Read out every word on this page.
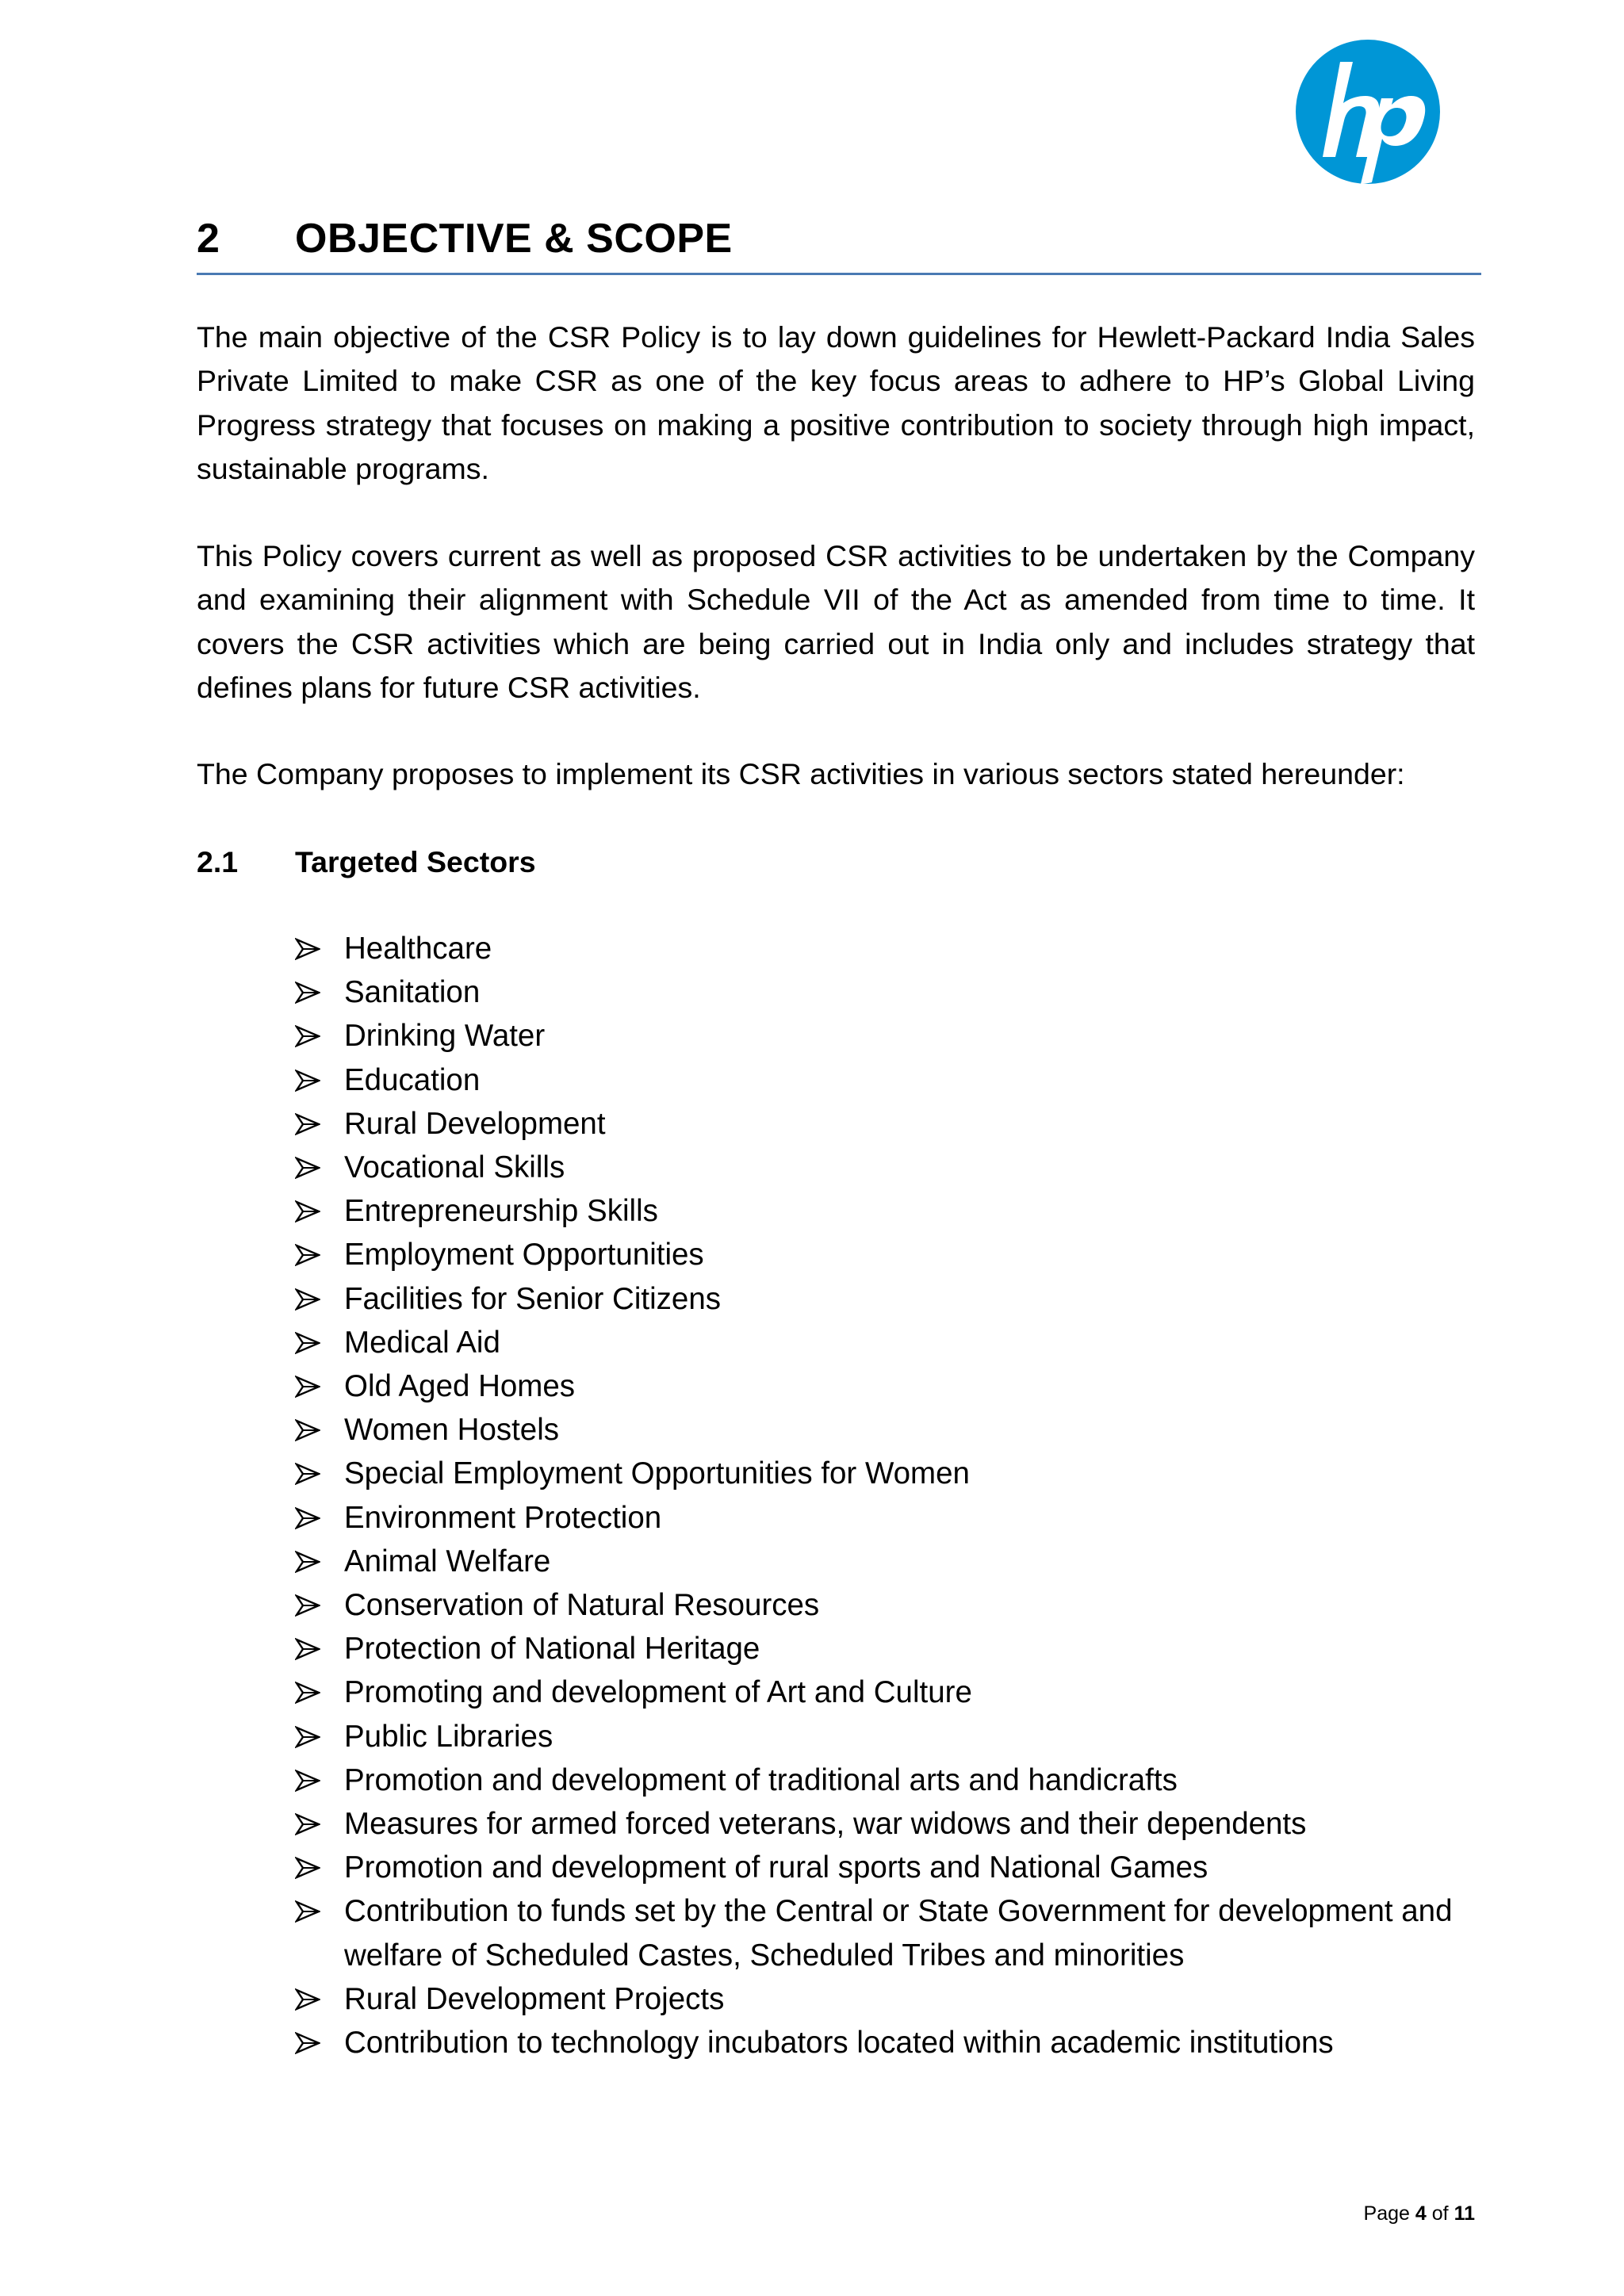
2 OBJECTIVE & SCOPE

The main objective of the CSR Policy is to lay down guidelines for Hewlett-Packard India Sales Private Limited to make CSR as one of the key focus areas to adhere to HP’s Global Living Progress strategy that focuses on making a positive contribution to society through high impact, sustainable programs.

This Policy covers current as well as proposed CSR activities to be undertaken by the Company and examining their alignment with Schedule VII of the Act as amended from time to time. It covers the CSR activities which are being carried out in India only and includes strategy that defines plans for future CSR activities.

The Company proposes to implement its CSR activities in various sectors stated hereunder:

2.1 Targeted Sectors
Healthcare
Sanitation
Drinking Water
Education
Rural Development
Vocational Skills
Entrepreneurship Skills
Employment Opportunities
Facilities for Senior Citizens
Medical Aid
Old Aged Homes
Women Hostels
Special Employment Opportunities for Women
Environment Protection
Animal Welfare
Conservation of Natural Resources
Protection of National Heritage
Promoting and development of Art and Culture
Public Libraries
Promotion and development of traditional arts and handicrafts
Measures for armed forced veterans, war widows and their dependents
Promotion and development of rural sports and National Games
Contribution to funds set by the Central or State Government for development and welfare of Scheduled Castes, Scheduled Tribes and minorities
Rural Development Projects
Contribution to technology incubators located within academic institutions
Page 4 of 11
